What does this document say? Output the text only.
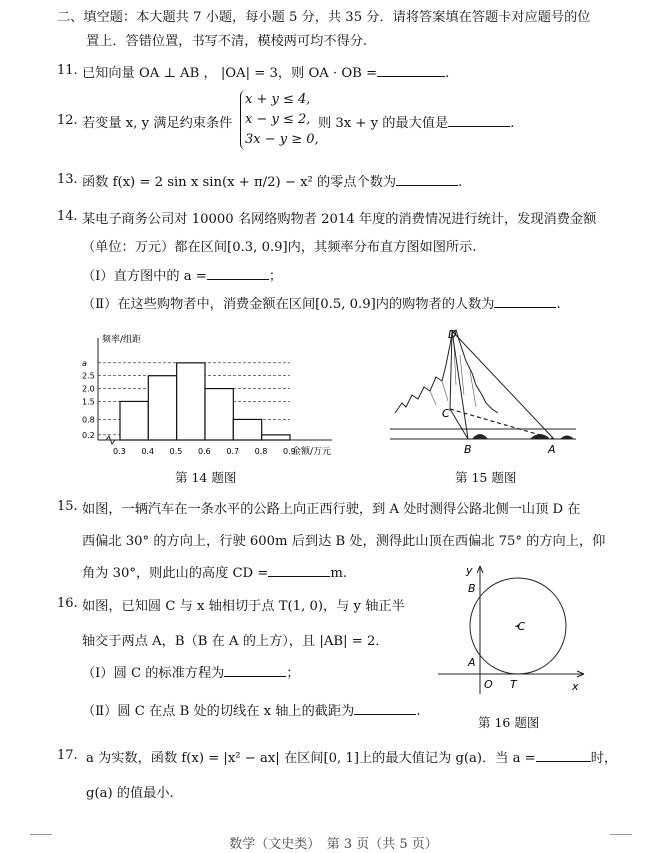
二、填空题：本大题共 7 小题，每小题 5 分，共 35 分．请将答案填在答题卡对应题号的位
置上．答错位置，书写不清，模棱两可均不得分.
11. 已知向量 OA ⊥ AB ， |OA| = 3，则 OA · OB =	.
12. 若变量 x, y 满足约束条件
x + y ≤ 4,
x − y ≤ 2,
3x − y ≥ 0,
则 3x + y 的最大值是	.
13. 函数 f(x) = 2 sin x sin(x + π/2) − x² 的零点个数为	.
14. 某电子商务公司对 10000 名网络购物者 2014 年度的消费情况进行统计，发现消费金额
（单位：万元）都在区间[0.3, 0.9]内，其频率分布直方图如图所示.
（Ⅰ）直方图中的 a =	；
（Ⅱ）在这些购物者中，消费金额在区间[0.5, 0.9]内的购物者的人数为	.
频率/组距
金额/万元
0.2
0.8
1.5
2.0
2.5
a
0.3 0.4 0.5 0.6 0.7 0.8 0.9
第 14 题图
D
C
B	A
第 15 题图
15. 如图，一辆汽车在一条水平的公路上向正西行驶，到 A 处时测得公路北侧一山顶 D 在
西偏北 30° 的方向上，行驶 600m 后到达 B 处，测得此山顶在西偏北 75° 的方向上，仰
角为 30°，则此山的高度 CD =	m.
16. 如图，已知圆 C 与 x 轴相切于点 T(1, 0)，与 y 轴正半
轴交于两点 A，B（B 在 A 的上方），且 |AB| = 2．
（Ⅰ）圆 C 的标准方程为	；
（Ⅱ）圆 C 在点 B 处的切线在 x 轴上的截距为	.
y
x
B
A
O T
·C
第 16 题图
17. a 为实数，函数 f(x) = |x² − ax| 在区间[0, 1]上的最大值记为 g(a)．当 a =	时，
g(a) 的值最小.
数学（文史类）　第 3 页（共 5 页）
